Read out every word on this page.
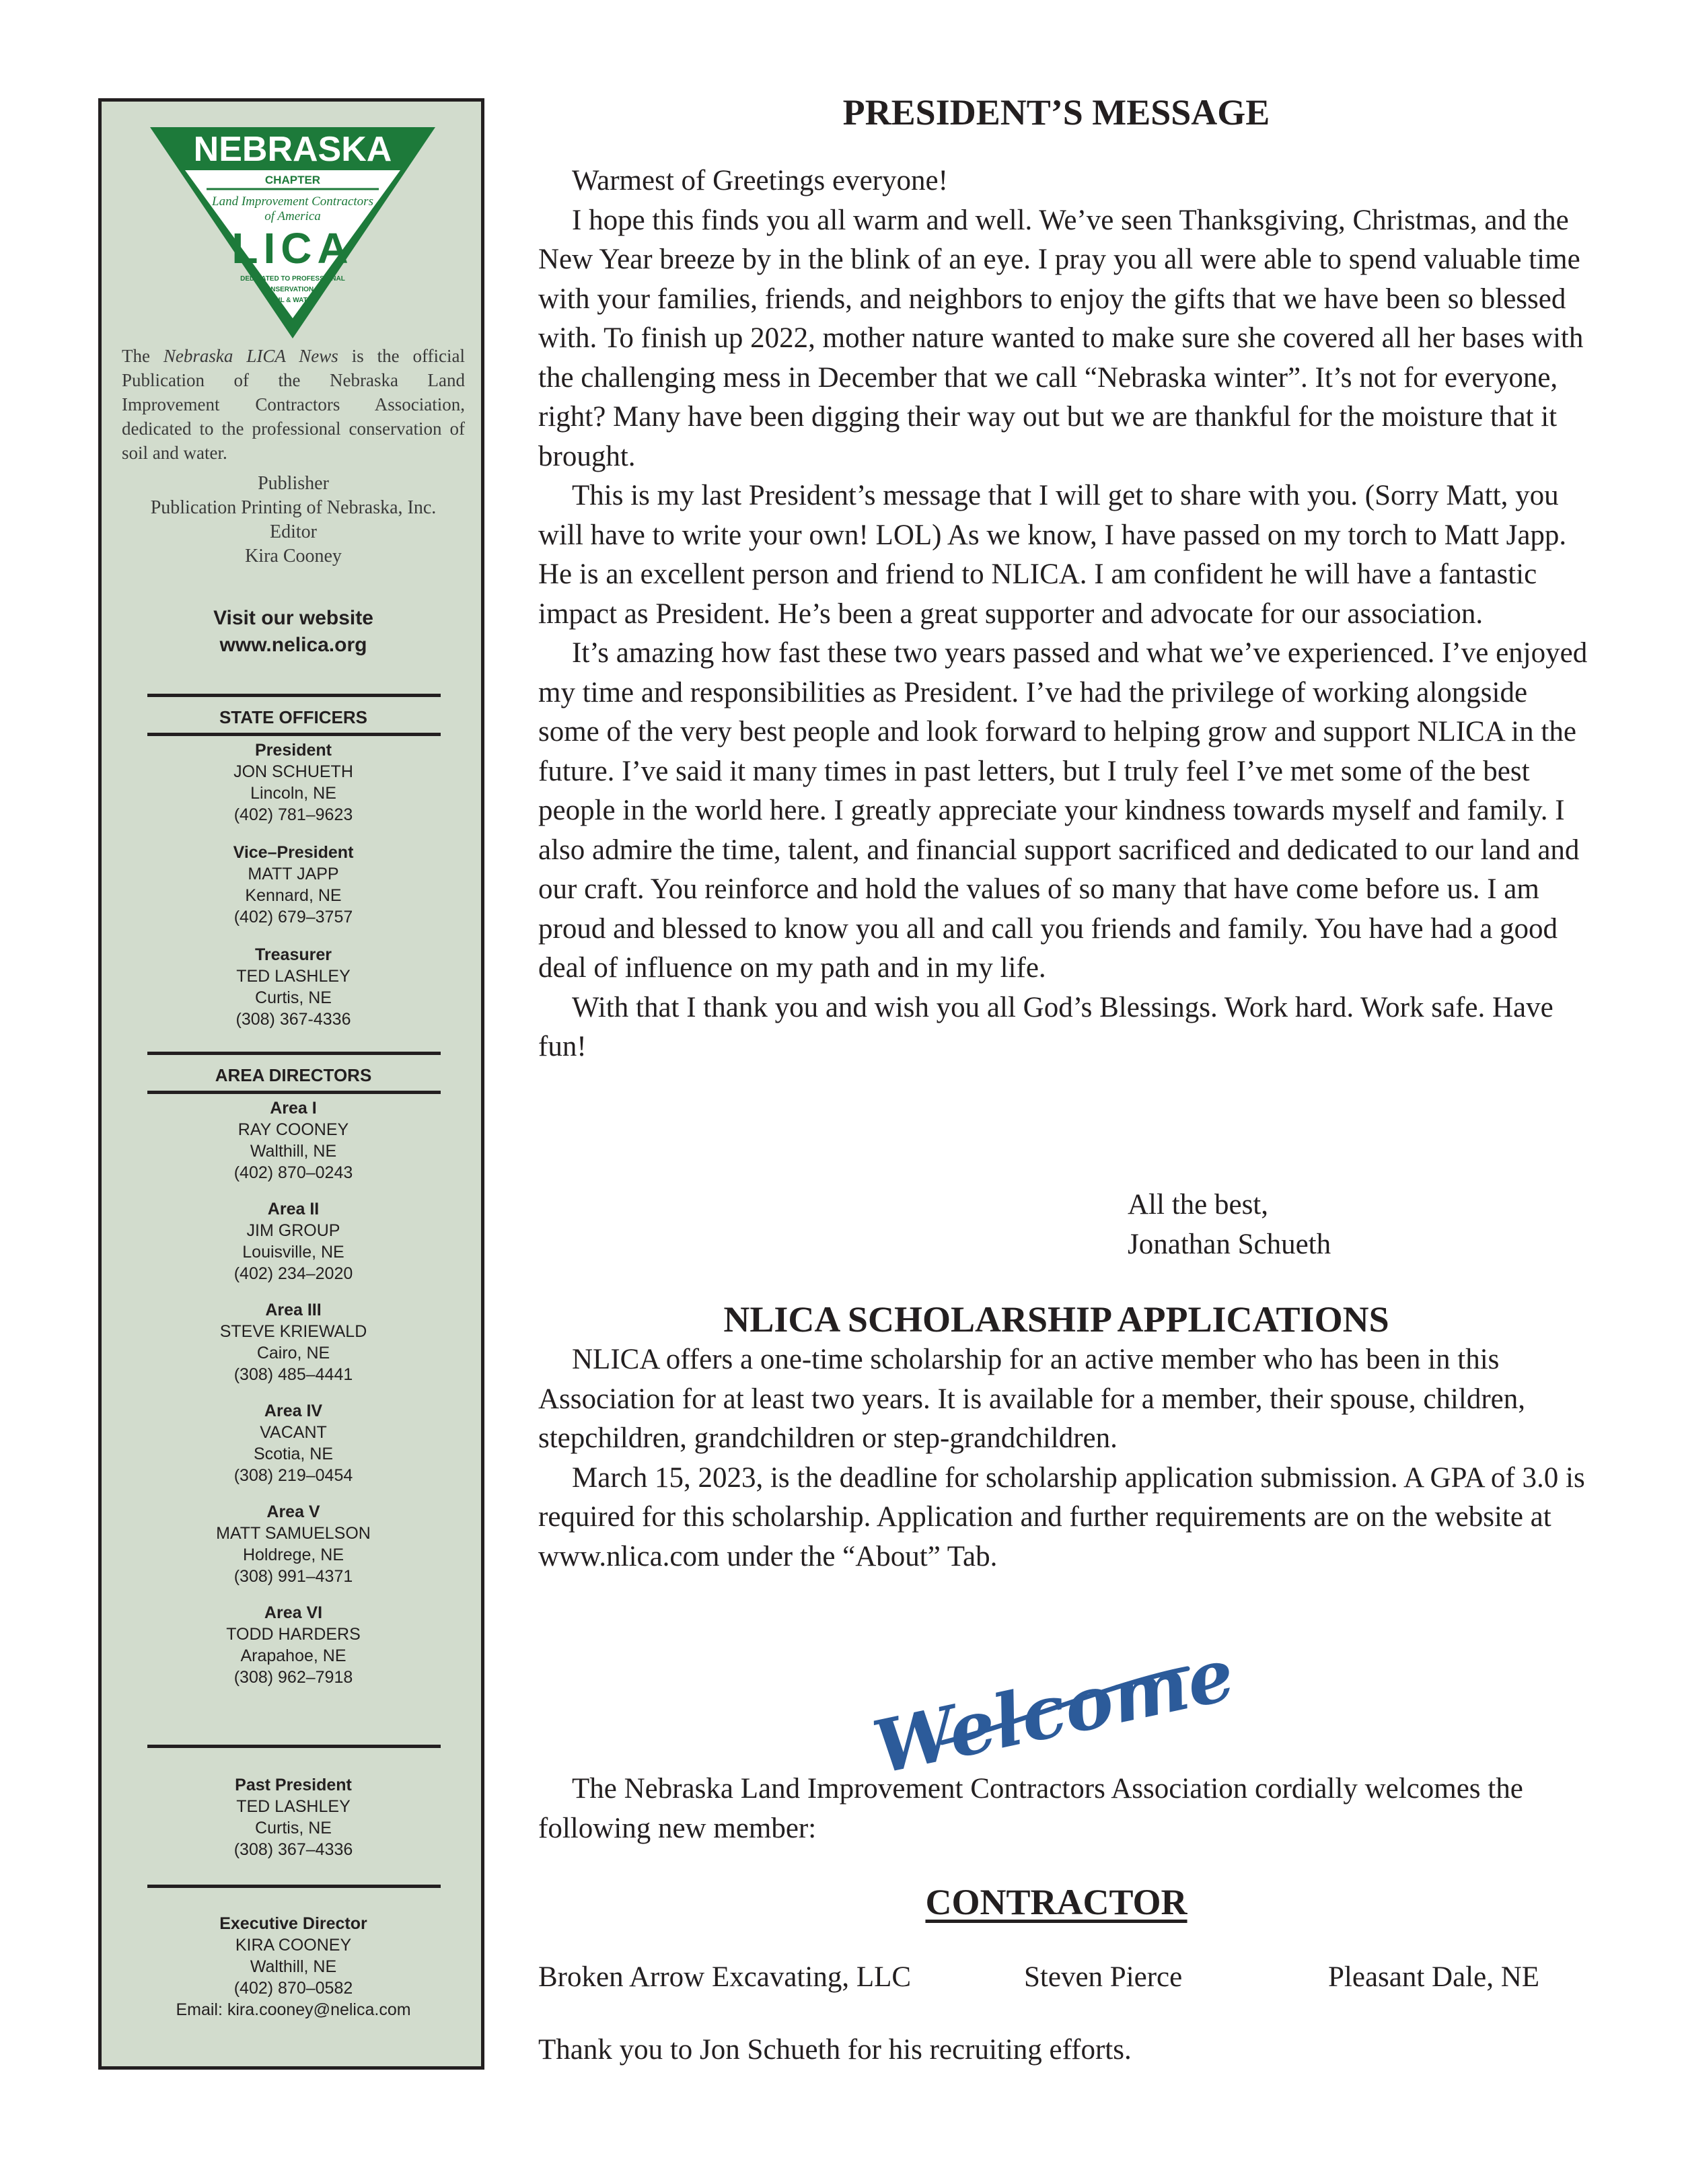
NEBRASKA
CHAPTER
Land Improvement Contractors
of America
LICA
DEDICATED TO PROFESSIONAL
CONSERVATION OF
SOIL & WATER
The Nebraska LICA News is the official Publication of the Nebraska Land Improvement Contractors Association, dedicated to the professional conservation of soil and water.
Publisher
Publication Printing of Nebraska, Inc.
Editor
Kira Cooney
Visit our website
www.nelica.org
STATE OFFICERS
President
JON SCHUETH
Lincoln, NE
(402) 781–9623
Vice–President
MATT JAPP
Kennard, NE
(402) 679–3757
Treasurer
TED LASHLEY
Curtis, NE
(308) 367-4336
AREA DIRECTORS
Area I
RAY COONEY
Walthill, NE
(402) 870–0243
Area II
JIM GROUP
Louisville, NE
(402) 234–2020
Area III
STEVE KRIEWALD
Cairo, NE
(308) 485–4441
Area IV
VACANT
Scotia, NE
(308) 219–0454
Area V
MATT SAMUELSON
Holdrege, NE
(308) 991–4371
Area VI
TODD HARDERS
Arapahoe, NE
(308) 962–7918
Past President
TED LASHLEY
Curtis, NE
(308) 367–4336
Executive Director
KIRA COONEY
Walthill, NE
(402) 870–0582
Email: kira.cooney@nelica.com
PRESIDENT’S MESSAGE

Warmest of Greetings everyone!

I hope this finds you all warm and well. We’ve seen Thanksgiving, Christmas, and the New Year breeze by in the blink of an eye. I pray you all were able to spend valuable time with your families, friends, and neighbors to enjoy the gifts that we have been so blessed with. To finish up 2022, mother nature wanted to make sure she covered all her bases with the challenging mess in December that we call “Nebraska winter”. It’s not for everyone, right? Many have been digging their way out but we are thankful for the moisture that it brought.

This is my last President’s message that I will get to share with you. (Sorry Matt, you will have to write your own! LOL) As we know, I have passed on my torch to Matt Japp. He is an excellent person and friend to NLICA. I am confident he will have a fantastic impact as President. He’s been a great supporter and advocate for our association.

It’s amazing how fast these two years passed and what we’ve experienced. I’ve enjoyed my time and responsibilities as President. I’ve had the privilege of working alongside some of the very best people and look forward to helping grow and support NLICA in the future. I’ve said it many times in past letters, but I truly feel I’ve met some of the best people in the world here. I greatly appreciate your kindness towards myself and family. I also admire the time, talent, and financial support sacrificed and dedicated to our land and our craft. You reinforce and hold the values of so many that have come before us. I am proud and blessed to know you all and call you friends and family. You have had a good deal of influence on my path and in my life.

With that I thank you and wish you all God’s Blessings. Work hard. Work safe. Have fun!

All the best,
Jonathan Schueth
NLICA SCHOLARSHIP APPLICATIONS

NLICA offers a one-time scholarship for an active member who has been in this Association for at least two years. It is available for a member, their spouse, children, stepchildren, grandchildren or step-grandchildren.

March 15, 2023, is the deadline for scholarship application submission. A GPA of 3.0 is required for this scholarship. Application and further requirements are on the website at www.nlica.com under the “About” Tab.

Welcome

The Nebraska Land Improvement Contractors Association cordially welcomes the following new member:

CONTRACTOR
Broken Arrow Excavating, LLC	Steven Pierce	Pleasant Dale, NE

Thank you to Jon Schueth for his recruiting efforts.
